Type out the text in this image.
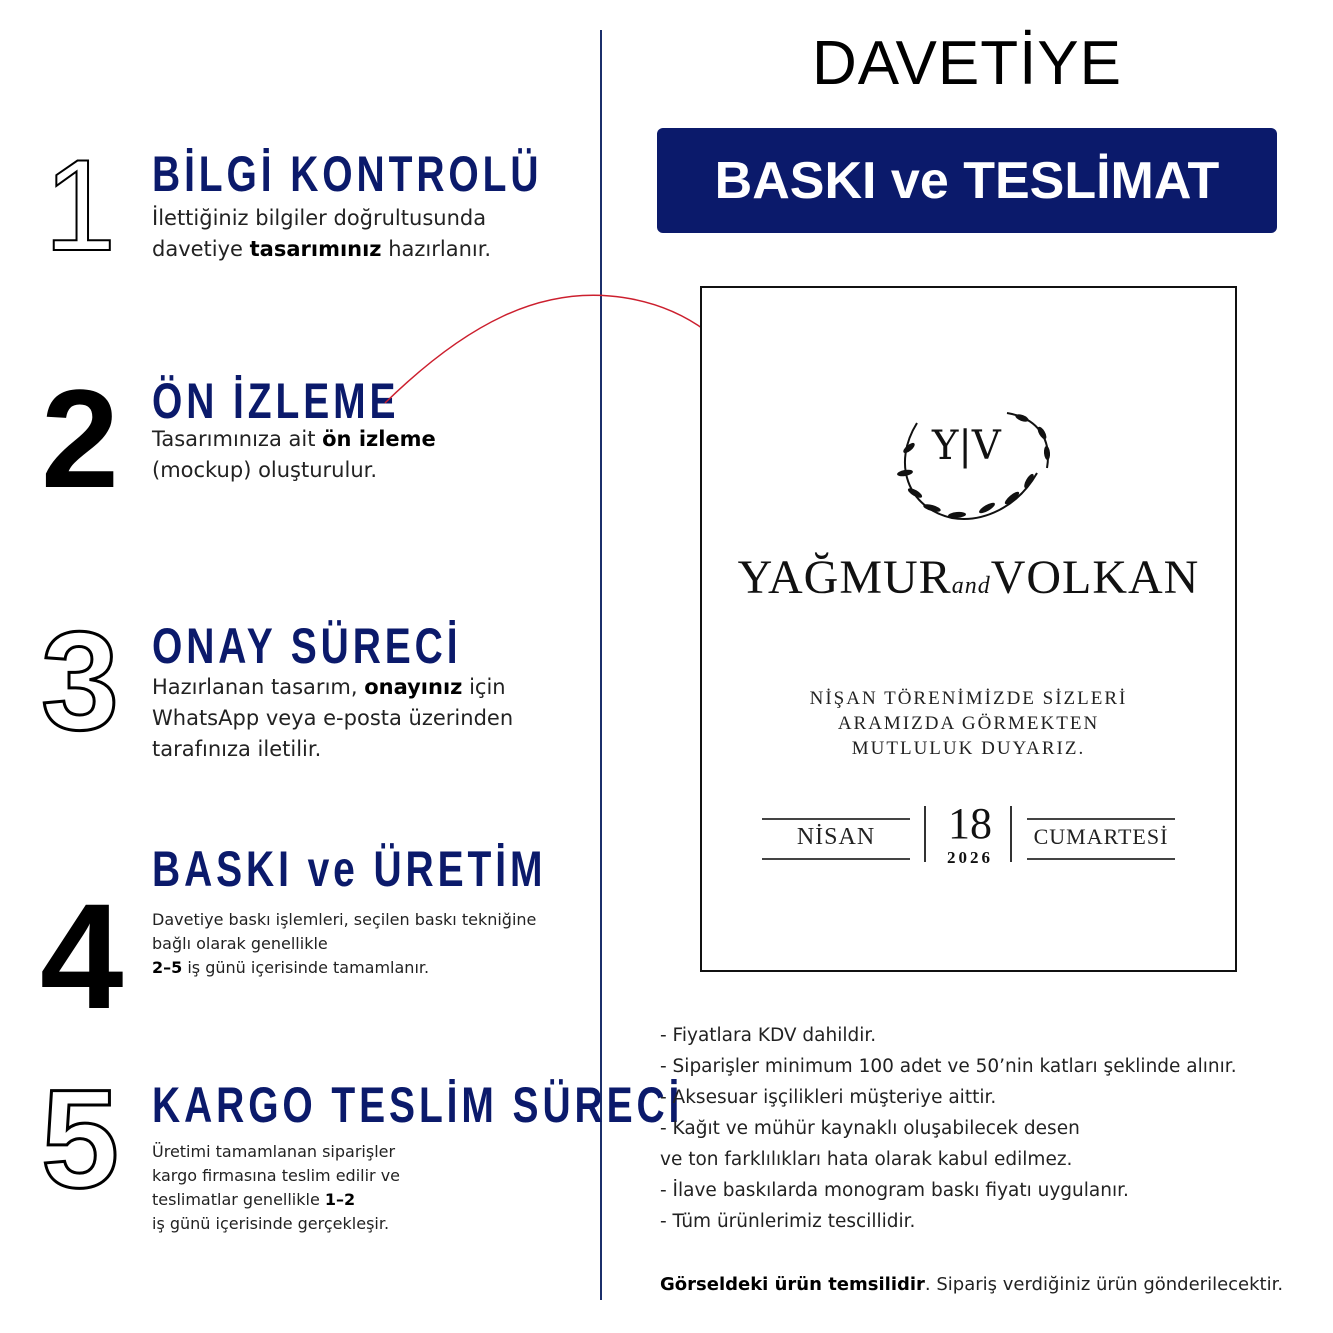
1 BİLGİ KONTROLÜ
İlettiğiniz bilgiler doğrultusunda davetiye tasarımınız hazırlanır.
2 ÖN İZLEME
Tasarımınıza ait ön izleme (mockup) oluşturulur.
3 ONAY SÜRECİ
Hazırlanan tasarım, onayınız için WhatsApp veya e-posta üzerinden tarafınıza iletilir.
4
BASKI ve ÜRETİM
Davetiye baskı işlemleri, seçilen baskı tekniğine bağlı olarak genellikle
2–5 iş günü içerisinde tamamlanır.
5 KARGO TESLİM SÜRECİ
Üretimi tamamlanan siparişler kargo firmasına teslim edilir ve teslimatlar genellikle 1–2
iş günü içerisinde gerçekleşir.
DAVETİYE
BASKI ve TESLİMAT
Y|V
YAĞMURandVOLKAN
NİŞAN TÖRENİMİZDE SİZLERİ
ARAMIZDA GÖRMEKTEN
MUTLULUK DUYARIZ.
NİSAN	18
2026
CUMARTESİ
- Fiyatlara KDV dahildir.
- Siparişler minimum 100 adet ve 50’nin katları şeklinde alınır.
- Aksesuar işçilikleri müşteriye aittir.
- Kağıt ve mühür kaynaklı oluşabilecek desen
ve ton farklılıkları hata olarak kabul edilmez.
- İlave baskılarda monogram baskı fiyatı uygulanır.
- Tüm ürünlerimiz tescillidir.
Görseldeki ürün temsilidir. Sipariş verdiğiniz ürün gönderilecektir.
